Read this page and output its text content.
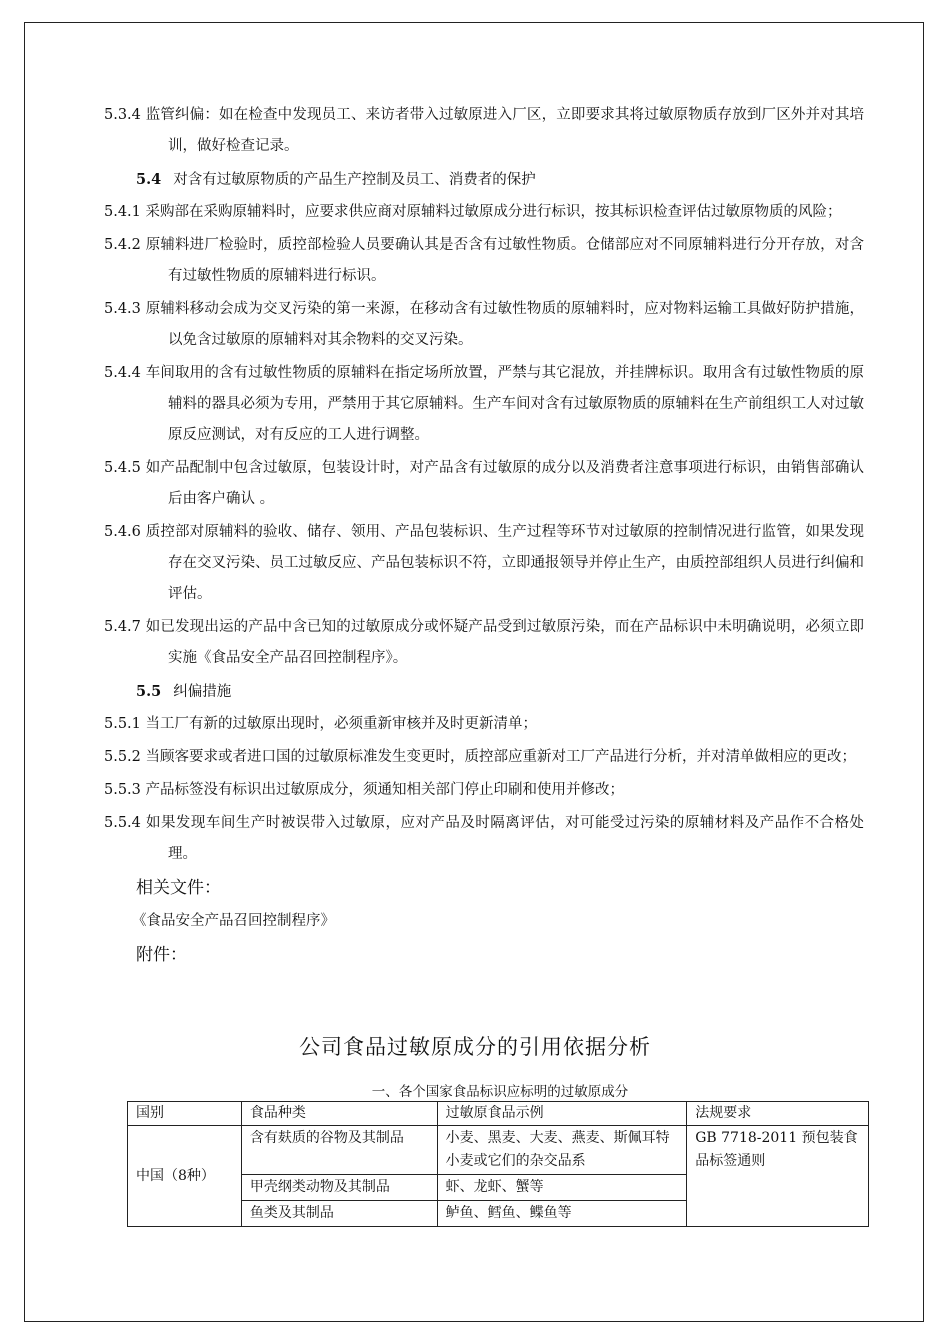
5.3.4 监管纠偏：如在检查中发现员工、来访者带入过敏原进入厂区，立即要求其将过敏原物质存放到厂区外并对其培训，做好检查记录。

5.4 对含有过敏原物质的产品生产控制及员工、消费者的保护

5.4.1 采购部在采购原辅料时，应要求供应商对原辅料过敏原成分进行标识，按其标识检查评估过敏原物质的风险；

5.4.2 原辅料进厂检验时，质控部检验人员要确认其是否含有过敏性物质。仓储部应对不同原辅料进行分开存放，对含有过敏性物质的原辅料进行标识。

5.4.3 原辅料移动会成为交叉污染的第一来源，在移动含有过敏性物质的原辅料时，应对物料运输工具做好防护措施，以免含过敏原的原辅料对其余物料的交叉污染。

5.4.4 车间取用的含有过敏性物质的原辅料在指定场所放置，严禁与其它混放，并挂牌标识。取用含有过敏性物质的原辅料的器具必须为专用，严禁用于其它原辅料。生产车间对含有过敏原物质的原辅料在生产前组织工人对过敏原反应测试，对有反应的工人进行调整。

5.4.5 如产品配制中包含过敏原，包装设计时，对产品含有过敏原的成分以及消费者注意事项进行标识，由销售部确认后由客户确认 。

5.4.6 质控部对原辅料的验收、储存、领用、产品包装标识、生产过程等环节对过敏原的控制情况进行监管，如果发现存在交叉污染、员工过敏反应、产品包装标识不符，立即通报领导并停止生产，由质控部组织人员进行纠偏和评估。

5.4.7 如已发现出运的产品中含已知的过敏原成分或怀疑产品受到过敏原污染，而在产品标识中未明确说明，必须立即实施《食品安全产品召回控制程序》。

5.5 纠偏措施

5.5.1 当工厂有新的过敏原出现时，必须重新审核并及时更新清单；

5.5.2 当顾客要求或者进口国的过敏原标准发生变更时，质控部应重新对工厂产品进行分析，并对清单做相应的更改；

5.5.3 产品标签没有标识出过敏原成分，须通知相关部门停止印刷和使用并修改；

5.5.4 如果发现车间生产时被误带入过敏原，应对产品及时隔离评估，对可能受过污染的原辅材料及产品作不合格处理。

相关文件：

《食品安全产品召回控制程序》

附件：

公司食品过敏原成分的引用依据分析
一、各个国家食品标识应标明的过敏原成分
国别	食品种类	过敏原食品示例	法规要求
中国（8种）	含有麸质的谷物及其制品	小麦、黑麦、大麦、燕麦、斯佩耳特小麦或它们的杂交品系	GB 7718-2011 预包装食品标签通则
	甲壳纲类动物及其制品	虾、龙虾、蟹等	
	鱼类及其制品	鲈鱼、鳕鱼、鲽鱼等	
